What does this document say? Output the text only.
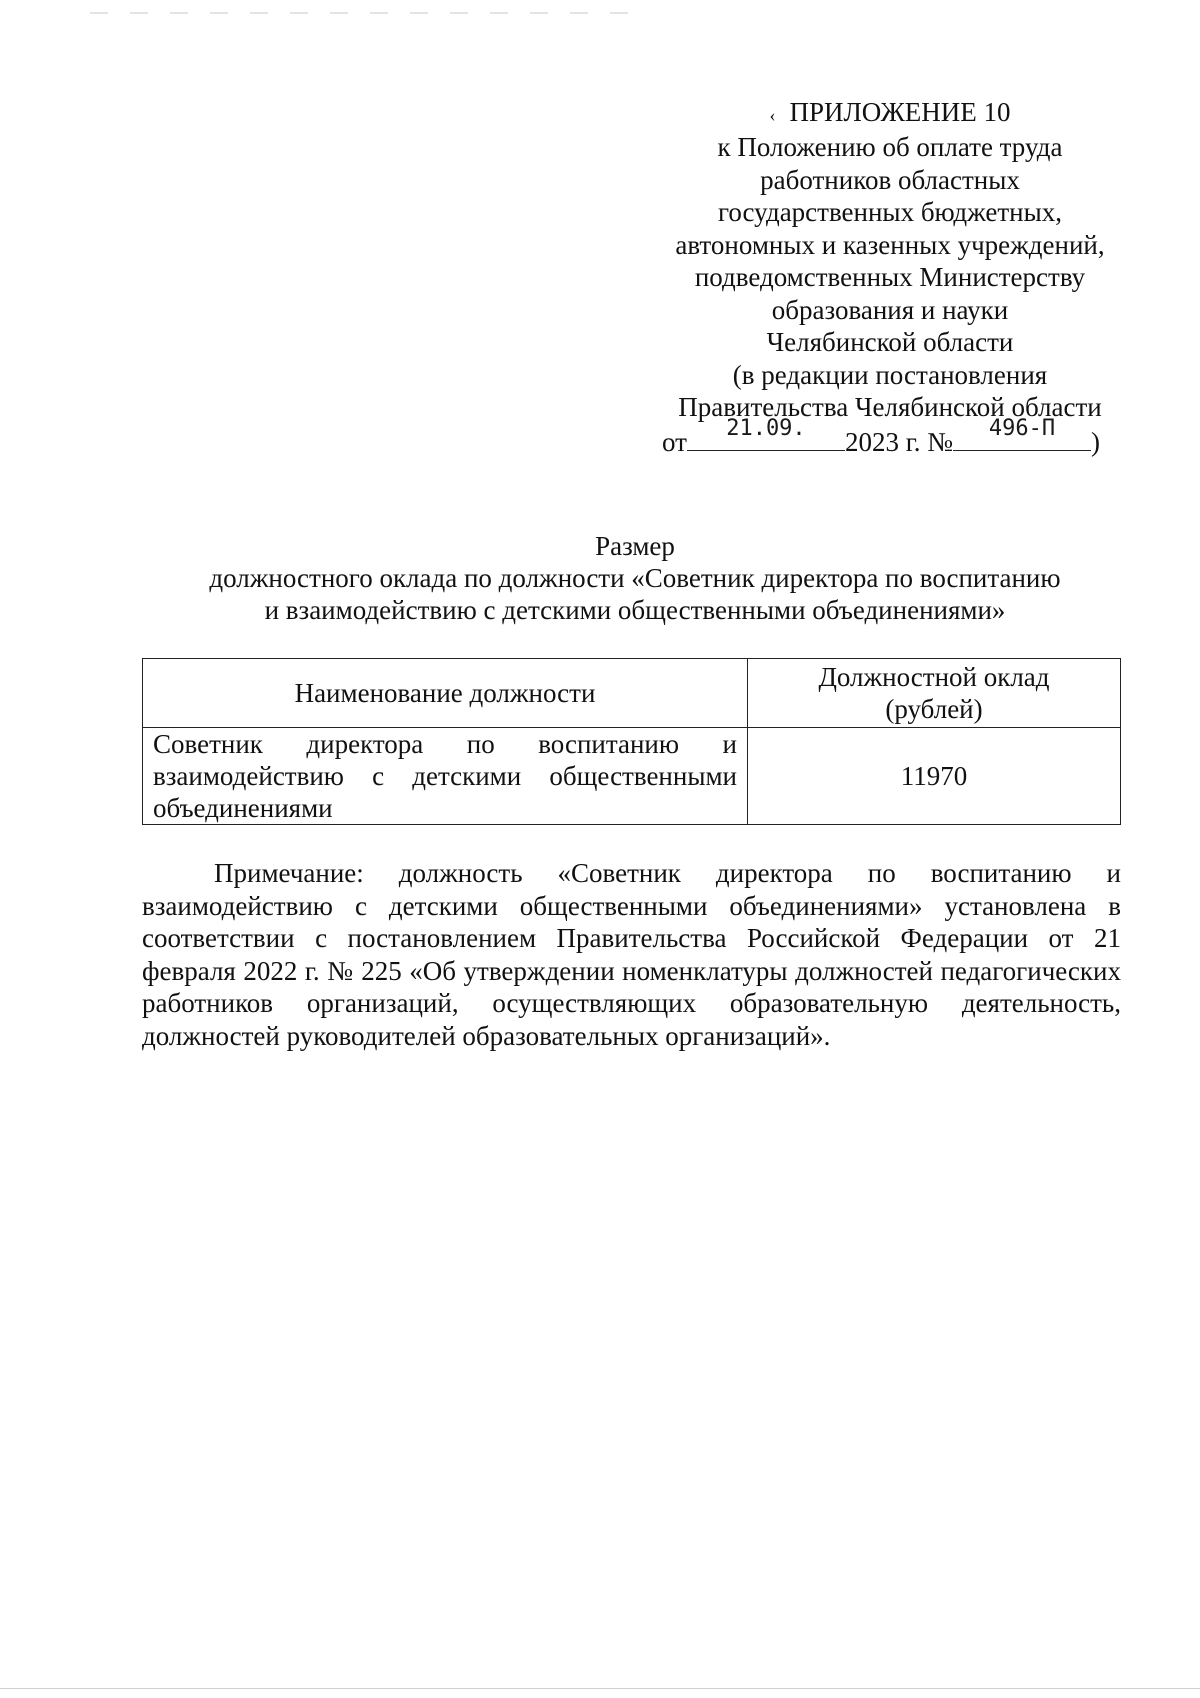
‹ ПРИЛОЖЕНИЕ 10
к Положению об оплате труда
работников областных
государственных бюджетных,
автономных и казенных учреждений,
подведомственных Министерству
образования и науки
Челябинской области
(в редакции постановления
Правительства Челябинской области
от	21.09.	2023 г. №	496-П	)
Размер
должностного оклада по должности «Советник директора по воспитанию
и взаимодействию с детскими общественными объединениями»
Наименование должности	Должностной оклад
(рублей)

Советник директора по воспитанию и взаимодействию с детскими общественными объединениями	11970

Примечание: должность «Советник директора по воспитанию и взаимодействию с детскими общественными объединениями» установлена в соответствии с постановлением Правительства Российской Федерации от 21 февраля 2022 г. № 225 «Об утверждении номенклатуры должностей педагогических работников организаций, осуществляющих образовательную деятельность, должностей руководителей образовательных организаций».
